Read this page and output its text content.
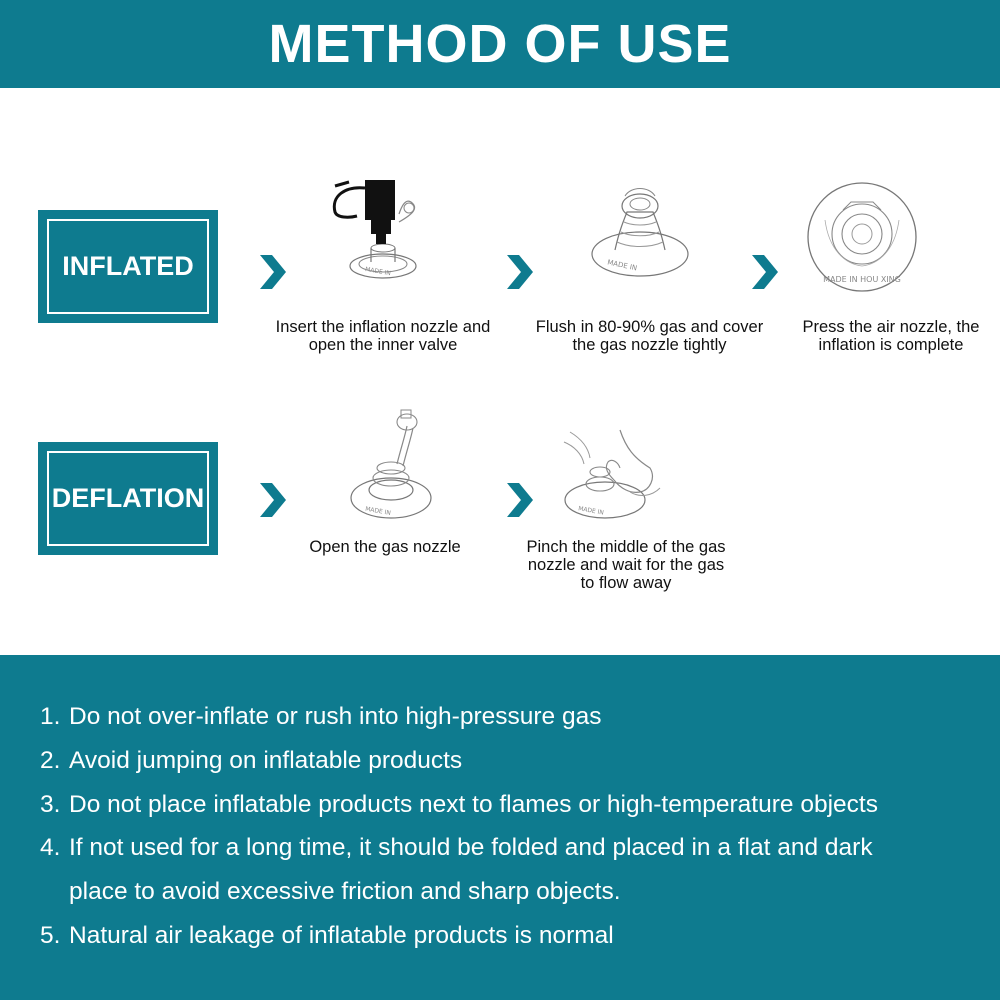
METHOD OF USE
INFLATED	MADE IN
Insert the inflation nozzle and
open the inner valve
MADE IN
Flush in 80-90% gas and cover
the gas nozzle tightly
MADE IN HOU XING
Press the air nozzle, the
inflation is complete
DEFLATION	MADE IN
Open the gas nozzle
MADE IN
Pinch the middle of the gas
nozzle and wait for the gas
to flow away
1. Do not over-inflate or rush into high-pressure gas
2. Avoid jumping on inflatable products
3. Do not place inflatable products next to flames or high-temperature objects
4. If not used for a long time, it should be folded and placed in a flat and dark
place to avoid excessive friction and sharp objects.
5. Natural air leakage of inflatable products is normal
